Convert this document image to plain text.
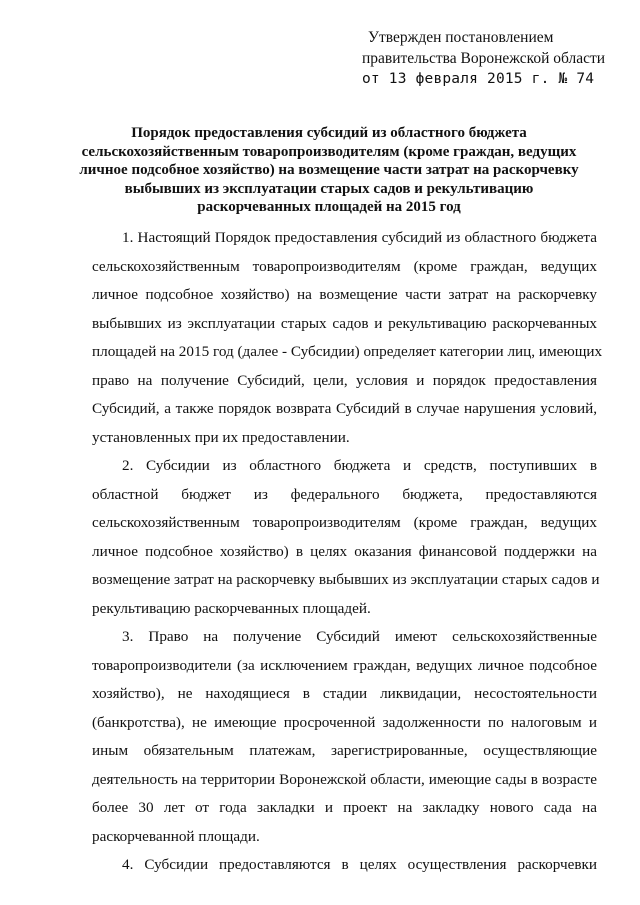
Утвержден постановлением
правительства Воронежской области
от 13 февраля 2015 г. № 74
Порядок предоставления субсидий из областного бюджета
сельскохозяйственным товаропроизводителям (кроме граждан, ведущих
личное подсобное хозяйство) на возмещение части затрат на раскорчевку
выбывших из эксплуатации старых садов и рекультивацию
раскорчеванных площадей на 2015 год
1. Настоящий Порядок предоставления субсидий из областного бюджета
сельскохозяйственным товаропроизводителям (кроме граждан, ведущих
личное подсобное хозяйство) на возмещение части затрат на раскорчевку
выбывших из эксплуатации старых садов и рекультивацию раскорчеванных
площадей на 2015 год (далее - Субсидии) определяет категории лиц, имеющих
право на получение Субсидий, цели, условия и порядок предоставления
Субсидий, а также порядок возврата Субсидий в случае нарушения условий,
установленных при их предоставлении.
2. Субсидии из областного бюджета и средств, поступивших в
областной бюджет из федерального бюджета, предоставляются
сельскохозяйственным товаропроизводителям (кроме граждан, ведущих
личное подсобное хозяйство) в целях оказания финансовой поддержки на
возмещение затрат на раскорчевку выбывших из эксплуатации старых садов и
рекультивацию раскорчеванных площадей.
3. Право на получение Субсидий имеют сельскохозяйственные
товаропроизводители (за исключением граждан, ведущих личное подсобное
хозяйство), не находящиеся в стадии ликвидации, несостоятельности
(банкротства), не имеющие просроченной задолженности по налоговым и
иным обязательным платежам, зарегистрированные, осуществляющие
деятельность на территории Воронежской области, имеющие сады в возрасте
более 30 лет от года закладки и проект на закладку нового сада на
раскорчеванной площади.
4. Субсидии предоставляются в целях осуществления раскорчевки
